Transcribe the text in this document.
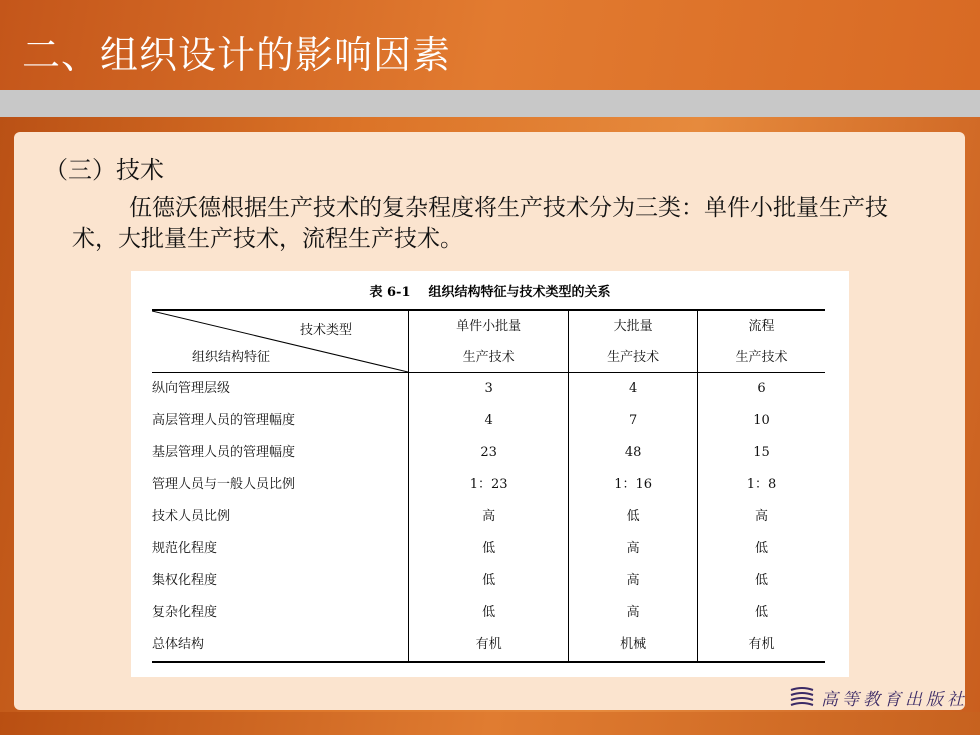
二、组织设计的影响因素
（三）技术
伍德沃德根据生产技术的复杂程度将生产技术分为三类：单件小批量生产技术，大批量生产技术，流程生产技术。
表 6-1 组织结构特征与技术类型的关系
技术类型
组织结构特征	单件小批量	大批量	流程
	生产技术	生产技术	生产技术
纵向管理层级	3	4	6
高层管理人员的管理幅度	4	7	10
基层管理人员的管理幅度	23	48	15
管理人员与一般人员比例	1：23	1：16	1：8
技术人员比例	高	低	高
规范化程度	低	高	低
集权化程度	低	高	低
复杂化程度	低	高	低
总体结构	有机	机械	有机
高等教育出版社
